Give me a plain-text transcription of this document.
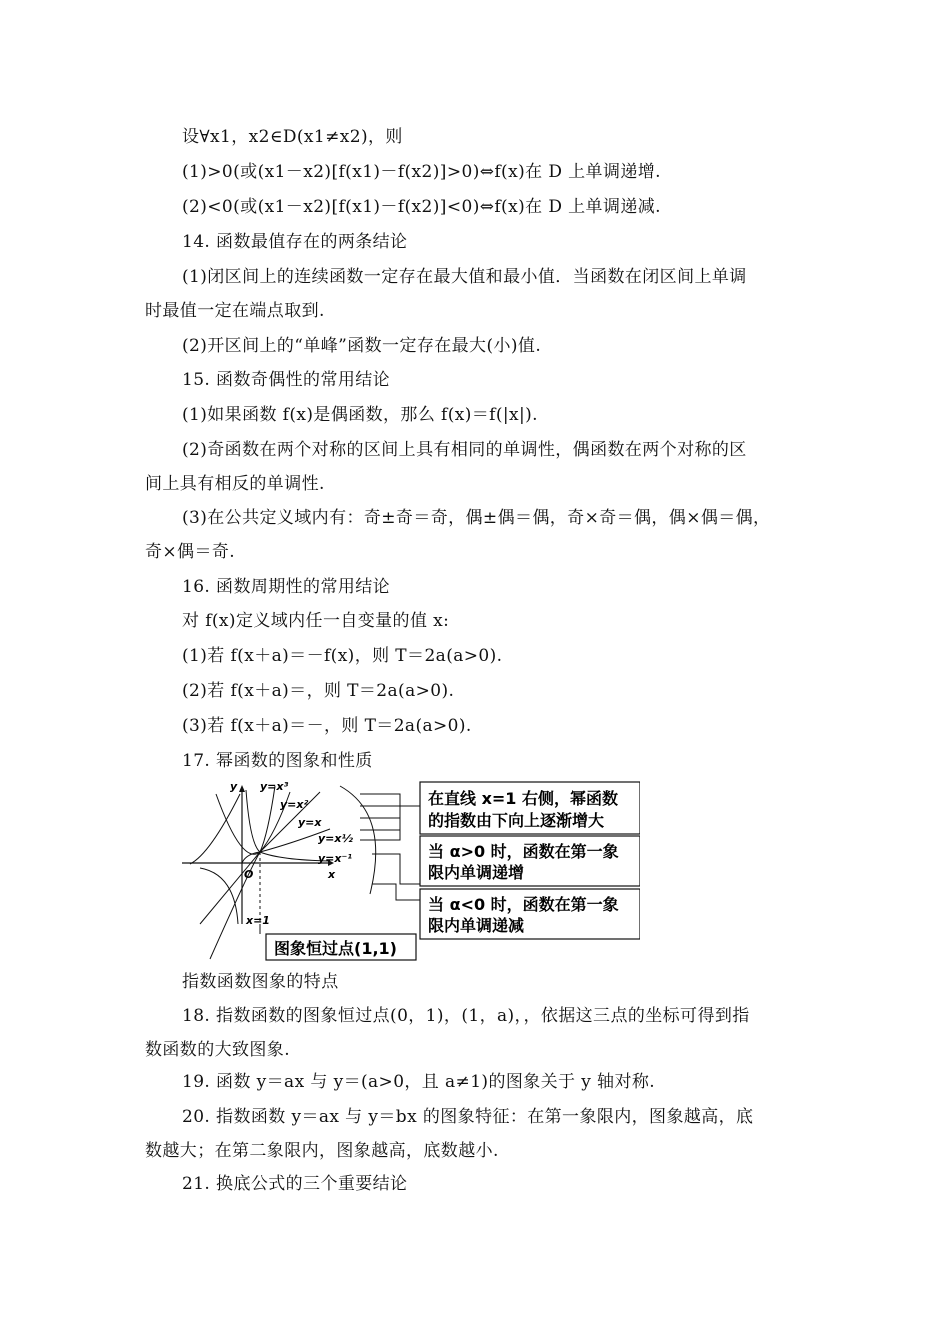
设∀x1，x2∈D(x1≠x2)，则
(1)>0(或(x1－x2)[f(x1)－f(x2)]>0)⇔f(x)在 D 上单调递增.
(2)<0(或(x1－x2)[f(x1)－f(x2)]<0)⇔f(x)在 D 上单调递减.
14. 函数最值存在的两条结论
(1)闭区间上的连续函数一定存在最大值和最小值．当函数在闭区间上单调
时最值一定在端点取到.
(2)开区间上的“单峰”函数一定存在最大(小)值.
15. 函数奇偶性的常用结论
(1)如果函数 f(x)是偶函数，那么 f(x)＝f(|x|).
(2)奇函数在两个对称的区间上具有相同的单调性，偶函数在两个对称的区
间上具有相反的单调性.
(3)在公共定义域内有：奇±奇＝奇，偶±偶＝偶，奇×奇＝偶，偶×偶＝偶，
奇×偶＝奇.
16. 函数周期性的常用结论
对 f(x)定义域内任一自变量的值 x:
(1)若 f(x＋a)＝－f(x)，则 T＝2a(a>0).
(2)若 f(x＋a)＝，则 T＝2a(a>0).
(3)若 f(x＋a)＝－，则 T＝2a(a>0).
17. 幂函数的图象和性质
y
x
O
x=1
y=x³
y=x²
y=x
y=x½
y=x⁻¹
在直线 x=1 右侧，幂函数
的指数由下向上逐渐增大
当 α>0 时，函数在第一象
限内单调递增
当 α<0 时，函数在第一象
限内单调递减
图象恒过点(1,1)
指数函数图象的特点
18. 指数函数的图象恒过点(0，1)，(1，a)，，依据这三点的坐标可得到指
数函数的大致图象.
19. 函数 y＝ax 与 y＝(a>0，且 a≠1)的图象关于 y 轴对称.
20. 指数函数 y＝ax 与 y＝bx 的图象特征：在第一象限内，图象越高，底
数越大；在第二象限内，图象越高，底数越小.
21. 换底公式的三个重要结论
